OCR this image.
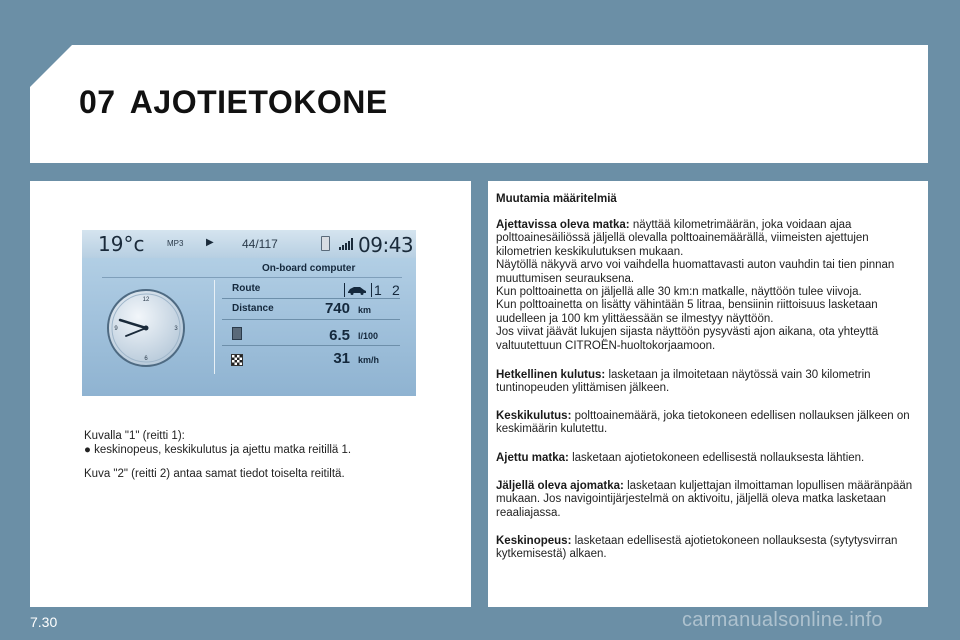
07 AJOTIETOKONE
19°c	MP3 ▶ 44/117	09:43
On-board computer
12
3
6
9
Route	1 2
Distance	740 km
6.5 l/100
31 km/h
Kuvalla "1" (reitti 1):
● keskinopeus, keskikulutus ja ajettu matka reitillä 1.
Kuva "2" (reitti 2) antaa samat tiedot toiselta reitiltä.
Muutamia määritelmiä

Ajettavissa oleva matka: näyttää kilometrimäärän, joka voidaan ajaa polttoainesäiliössä jäljellä olevalla polttoainemäärällä, viimeisten ajettujen kilometrien keskikulutuksen mukaan.

Näytöllä näkyvä arvo voi vaihdella huomattavasti auton vauhdin tai tien pinnan muuttumisen seurauksena.

Kun polttoainetta on jäljellä alle 30 km:n matkalle, näyttöön tulee viivoja.

Kun polttoainetta on lisätty vähintään 5 litraa, bensiinin riittoisuus lasketaan uudelleen ja 100 km ylittäessään se ilmestyy näyttöön.

Jos viivat jäävät lukujen sijasta näyttöön pysyvästi ajon aikana, ota yhteyttä valtuutettuun CITROËN-huoltokorjaamoon.

Hetkellinen kulutus: lasketaan ja ilmoitetaan näytössä vain 30 kilometrin tuntinopeuden ylittämisen jälkeen.

Keskikulutus: polttoainemäärä, joka tietokoneen edellisen nollauksen jälkeen on keskimäärin kulutettu.

Ajettu matka: lasketaan ajotietokoneen edellisestä nollauksesta lähtien.

Jäljellä oleva ajomatka: lasketaan kuljettajan ilmoittaman lopullisen määränpään mukaan. Jos navigointijärjestelmä on aktivoitu, jäljellä oleva matka lasketaan reaaliajassa.

Keskinopeus: lasketaan edellisestä ajotietokoneen nollauksesta (sytytysvirran kytkemisestä) alkaen.

7.30	carmanualsonline.info
